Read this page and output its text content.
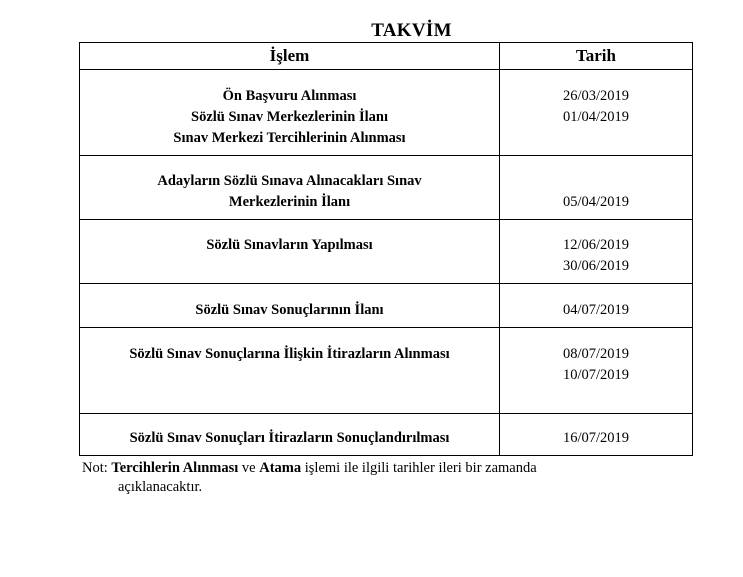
TAKVİM
İşlem	Tarih

Ön Başvuru Alınması
Sözlü Sınav Merkezlerinin İlanı
Sınav Merkezi Tercihlerinin Alınması	26/03/2019
01/04/2019

Adayların Sözlü Sınava Alınacakları Sınav
Merkezlerinin İlanı	05/04/2019

Sözlü Sınavların Yapılması	12/06/2019
30/06/2019

Sözlü Sınav Sonuçlarının İlanı	04/07/2019

Sözlü Sınav Sonuçlarına İlişkin İtirazların Alınması	08/07/2019
10/07/2019

Sözlü Sınav Sonuçları İtirazların Sonuçlandırılması	16/07/2019
Not: Tercihlerin Alınması ve Atama işlemi ile ilgili tarihler ileri bir zamanda
açıklanacaktır.
